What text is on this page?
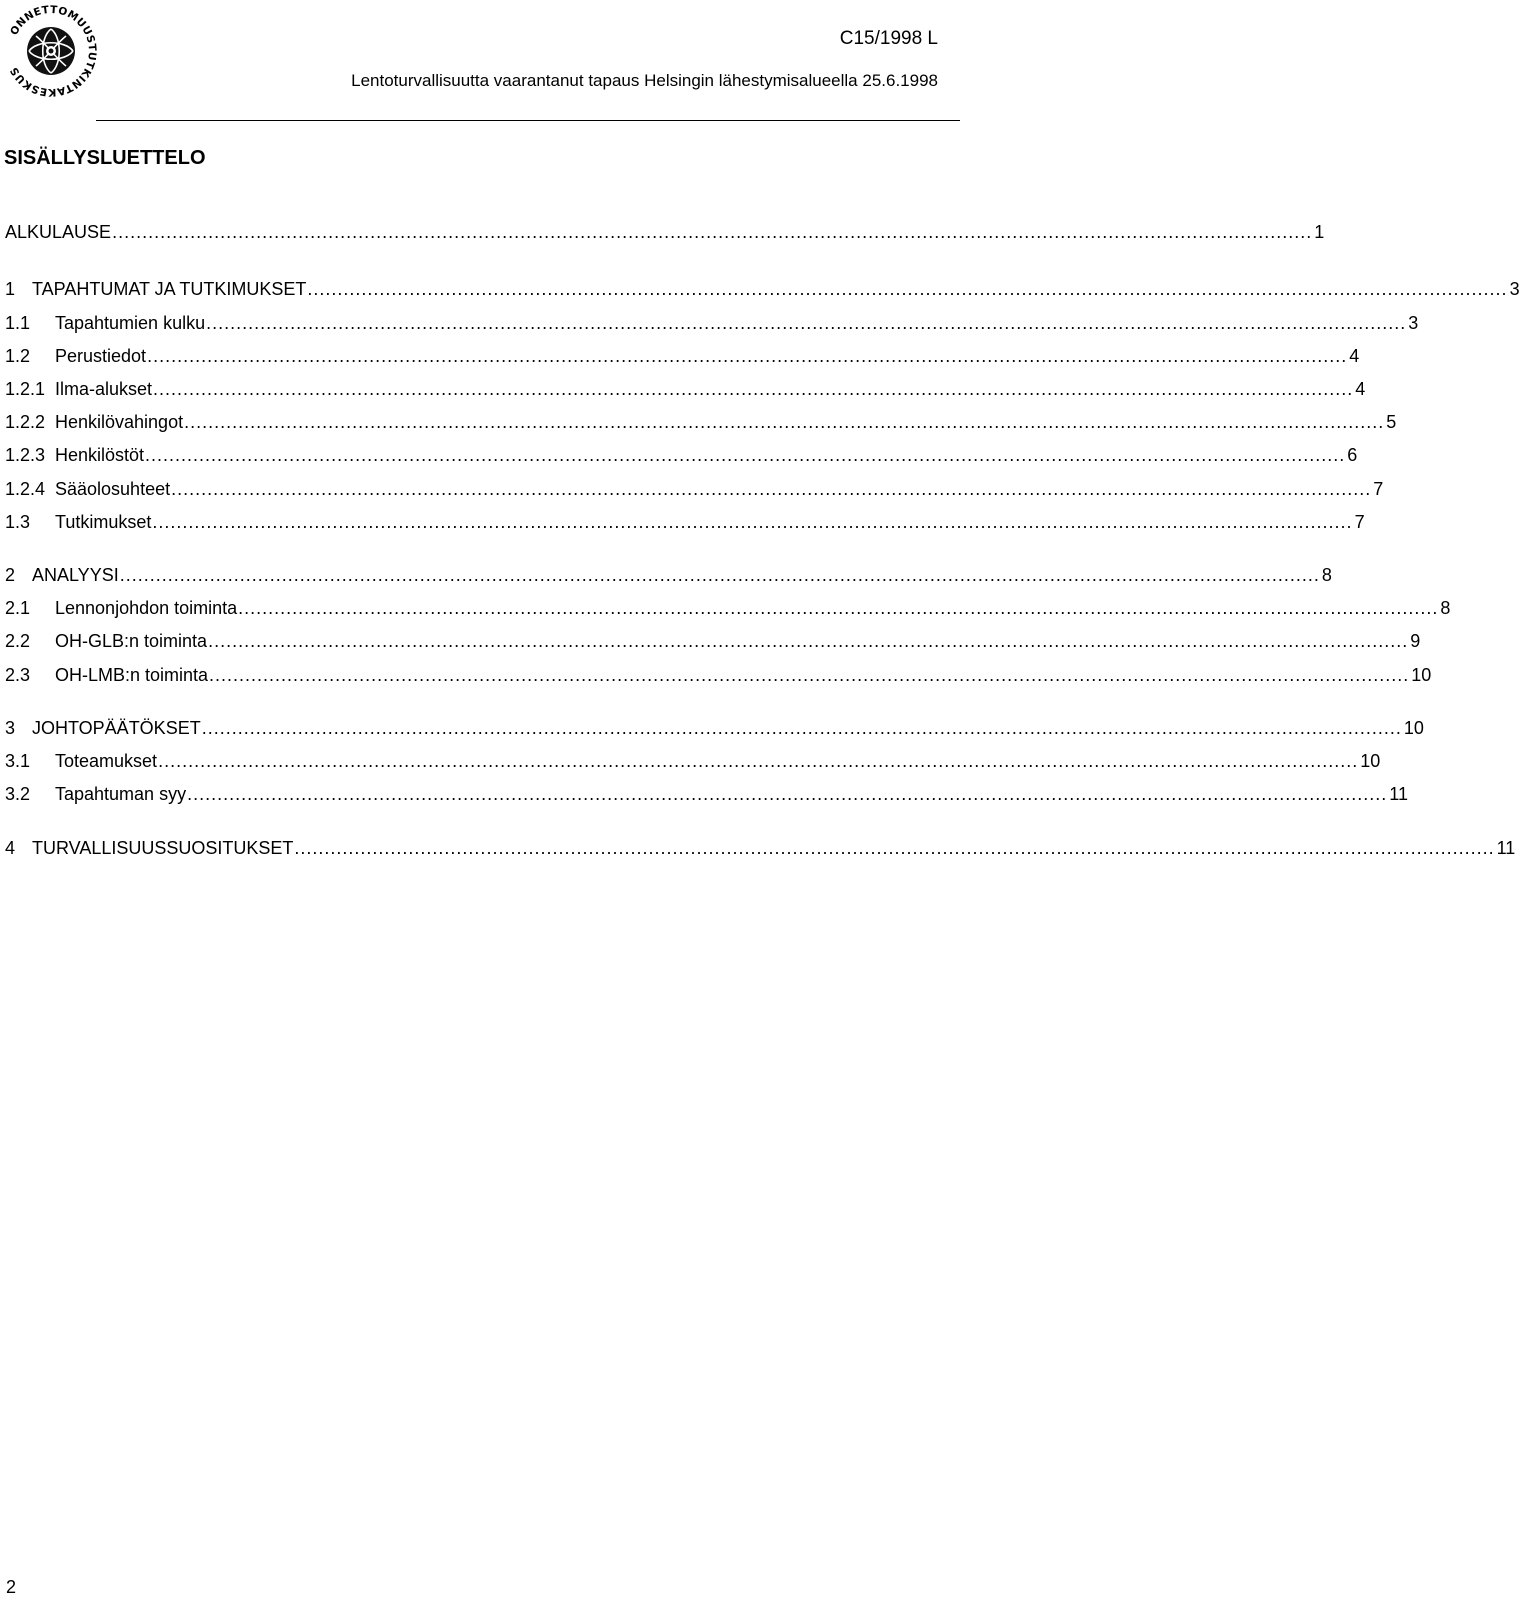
ONNETTOMUUSTUTKINTAKESKUS
C15/1998 L
Lentoturvallisuutta vaarantanut tapaus Helsingin lähestymisalueella 25.6.1998
SISÄLLYSLUETTELO
ALKULAUSE ........................................................................................................................................................................................................ 1
1 TAPAHTUMAT JA TUTKIMUKSET ........................................................................................................................................................................................................ 3
1.1	Tapahtumien kulku ........................................................................................................................................................................................................ 3
1.2	Perustiedot ........................................................................................................................................................................................................ 4
1.2.1 Ilma-alukset ........................................................................................................................................................................................................ 4
1.2.2 Henkilövahingot ........................................................................................................................................................................................................ 5
1.2.3 Henkilöstöt ........................................................................................................................................................................................................ 6
1.2.4 Sääolosuhteet ........................................................................................................................................................................................................ 7
1.3	Tutkimukset ........................................................................................................................................................................................................ 7
2 ANALYYSI ........................................................................................................................................................................................................ 8
2.1	Lennonjohdon toiminta ........................................................................................................................................................................................................ 8
2.2	OH-GLB:n toiminta ........................................................................................................................................................................................................ 9
2.3	OH-LMB:n toiminta ........................................................................................................................................................................................................ 10
3 JOHTOPÄÄTÖKSET ........................................................................................................................................................................................................ 10
3.1	Toteamukset ........................................................................................................................................................................................................ 10
3.2	Tapahtuman syy ........................................................................................................................................................................................................ 11
4 TURVALLISUUSSUOSITUKSET ........................................................................................................................................................................................................ 11
2
